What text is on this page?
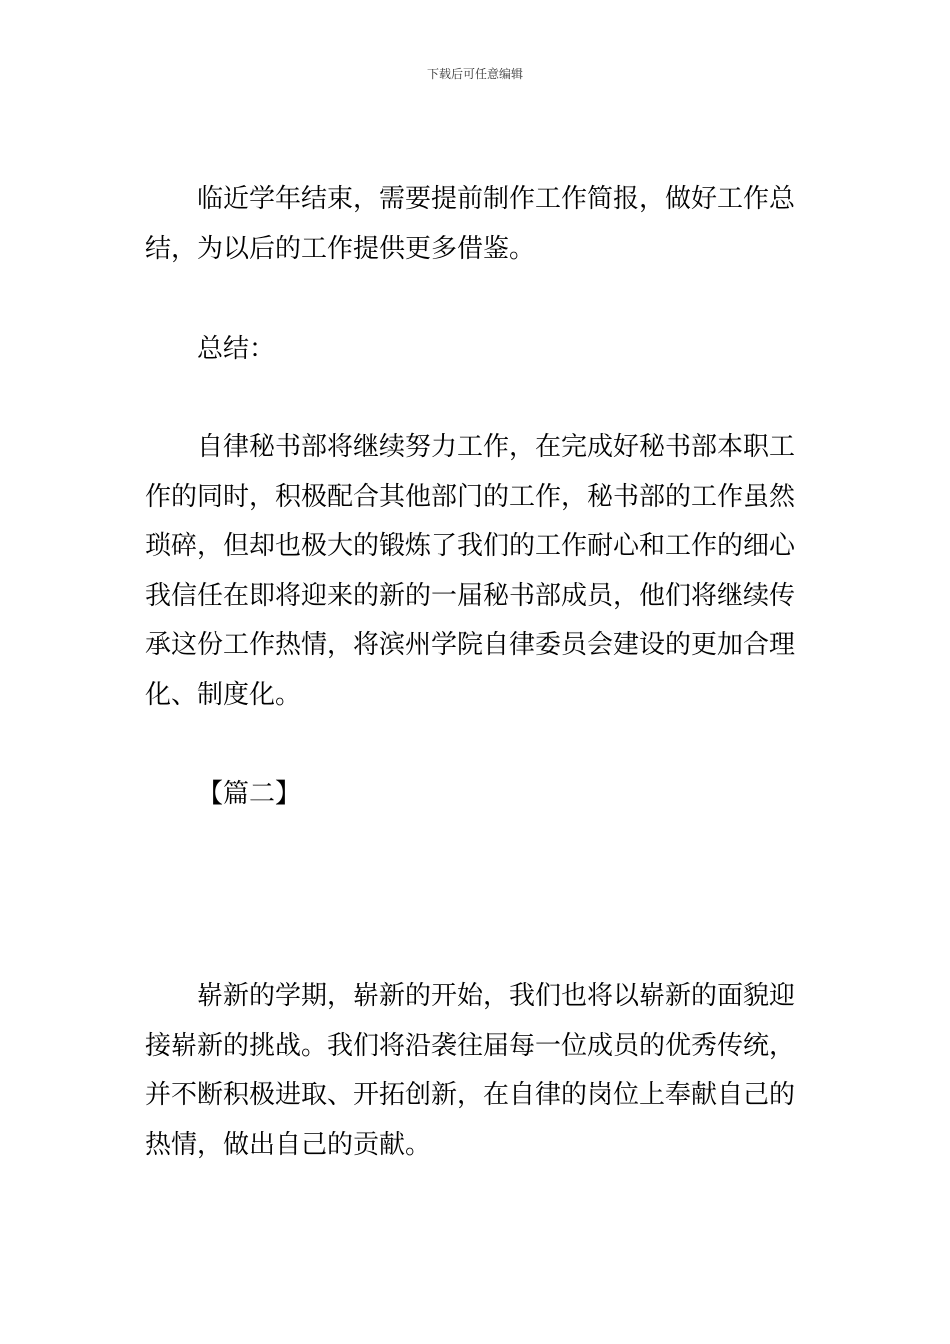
下载后可任意编辑
临近学年结束，需要提前制作工作简报，做好工作总
结，为以后的工作提供更多借鉴。
总结：
自律秘书部将继续努力工作，在完成好秘书部本职工
作的同时，积极配合其他部门的工作，秘书部的工作虽然
琐碎，但却也极大的锻炼了我们的工作耐心和工作的细心
我信任在即将迎来的新的一届秘书部成员，他们将继续传
承这份工作热情，将滨州学院自律委员会建设的更加合理
化、制度化。
【篇二】
崭新的学期，崭新的开始，我们也将以崭新的面貌迎
接崭新的挑战。我们将沿袭往届每一位成员的优秀传统，
并不断积极进取、开拓创新，在自律的岗位上奉献自己的
热情，做出自己的贡献。
